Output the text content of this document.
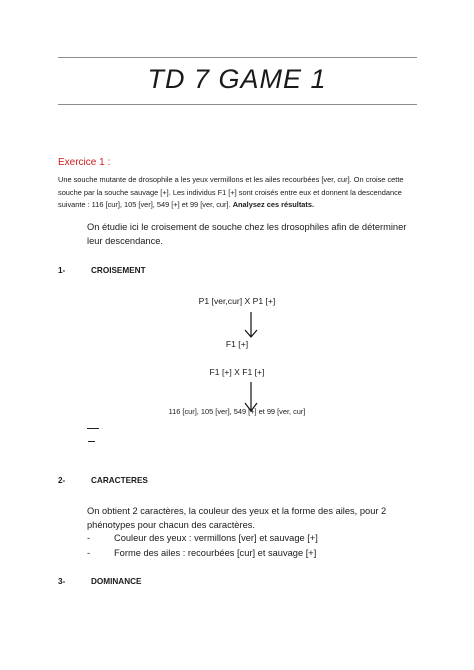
TD 7 GAME 1
Exercice 1 :
Une souche mutante de drosophile a les yeux vermillons et les ailes recourbées [ver, cur]. On croise cette souche par la souche sauvage [+]. Les individus F1 [+] sont croisés entre eux et donnent la descendance suivante : 116 [cur], 105 [ver], 549 [+] et 99 [ver, cur]. Analysez ces résultats.
On étudie ici le croisement de souche chez les drosophiles afin de déterminer leur descendance.
1-	CROISEMENT
P1 [ver,cur] X P1 [+]
F1 [+]
F1 [+] X F1 [+]
116 [cur], 105 [ver], 549 [+] et 99 [ver, cur]
2-	CARACTERES
On obtient 2 caractères, la couleur des yeux et la forme des ailes, pour 2 phénotypes pour chacun des caractères.
-	Couleur des yeux : vermillons [ver] et sauvage [+]
-	Forme des ailes : recourbées [cur] et sauvage [+]
3-	DOMINANCE
